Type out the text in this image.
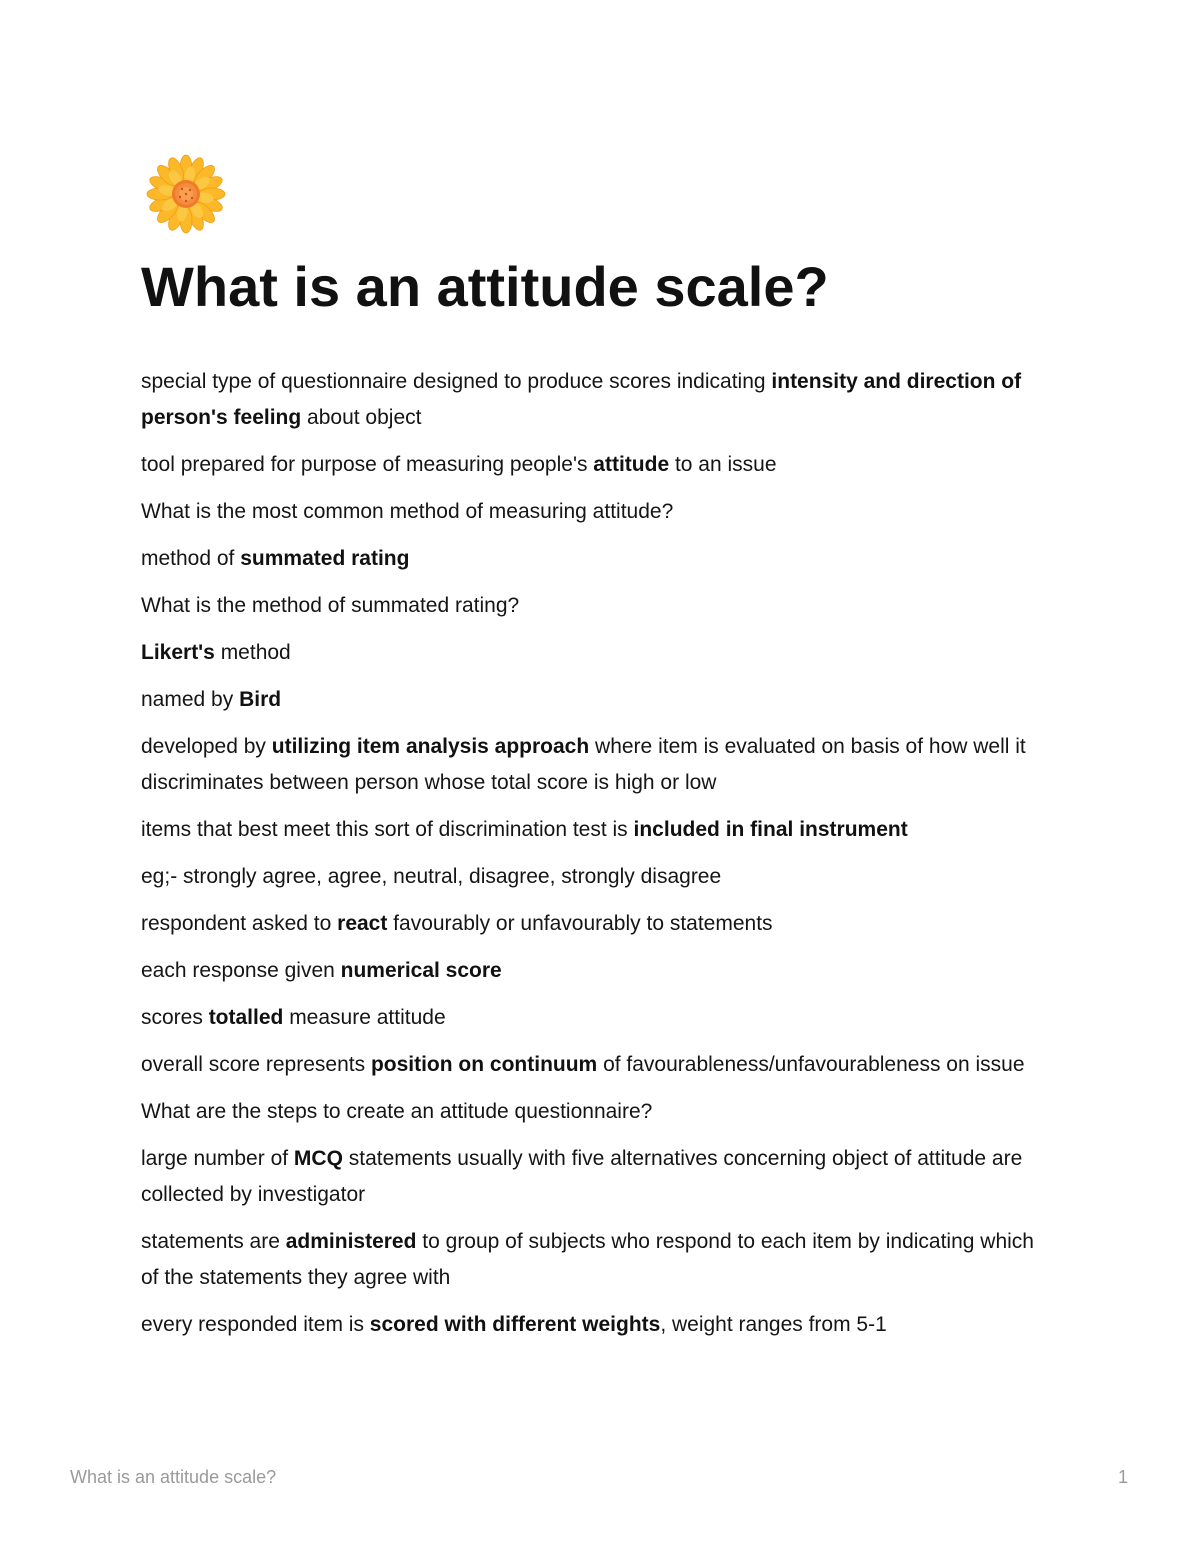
What is an attitude scale?

special type of questionnaire designed to produce scores indicating intensity and direction of person's feeling about object

tool prepared for purpose of measuring people's attitude to an issue

What is the most common method of measuring attitude?

method of summated rating

What is the method of summated rating?

Likert's method

named by Bird

developed by utilizing item analysis approach where item is evaluated on basis of how well it discriminates between person whose total score is high or low

items that best meet this sort of discrimination test is included in final instrument

eg;- strongly agree, agree, neutral, disagree, strongly disagree

respondent asked to react favourably or unfavourably to statements

each response given numerical score

scores totalled measure attitude

overall score represents position on continuum of favourableness/unfavourableness on issue

What are the steps to create an attitude questionnaire?

large number of MCQ statements usually with five alternatives concerning object of attitude are collected by investigator

statements are administered to group of subjects who respond to each item by indicating which of the statements they agree with

every responded item is scored with different weights, weight ranges from 5-1

What is an attitude scale?	1
